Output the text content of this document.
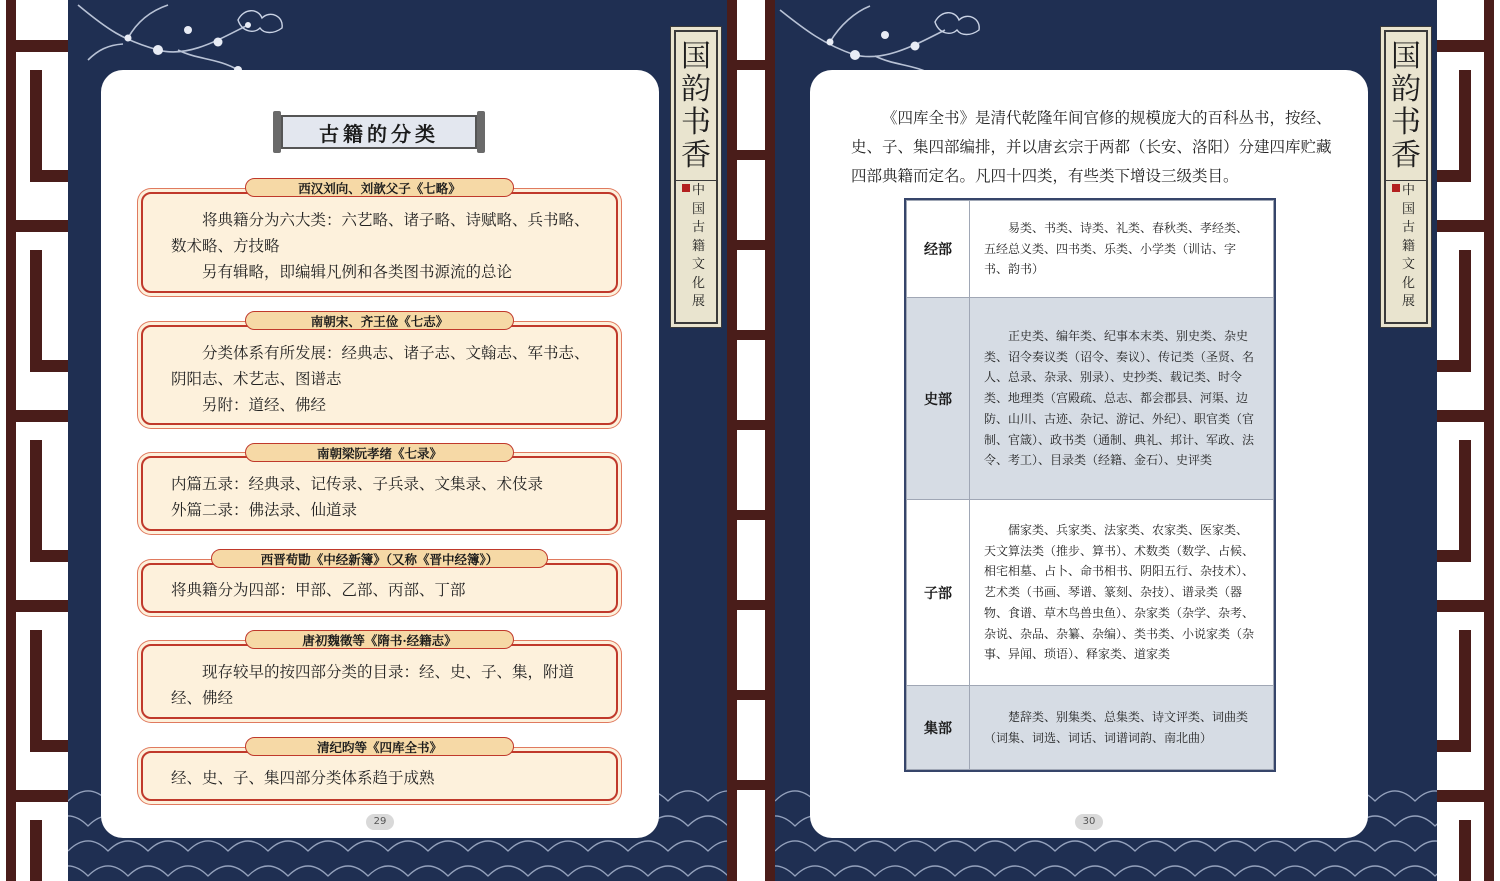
29
古籍的分类

将典籍分为六大类：六艺略、诸子略、诗赋略、兵书略、数术略、方技略

另有辑略，即编辑凡例和各类图书源流的总论

西汉刘向、刘歆父子《七略》

分类体系有所发展：经典志、诸子志、文翰志、军书志、阴阳志、术艺志、图谱志

另附：道经、佛经

南朝宋、齐王俭《七志》

内篇五录：经典录、记传录、子兵录、文集录、术伎录

外篇二录：佛法录、仙道录

南朝梁阮孝绪《七录》

将典籍分为四部：甲部、乙部、丙部、丁部

西晋荀勖《中经新簿》（又称《晋中经簿》）

现存较早的按四部分类的目录：经、史、子、集，附道经、佛经

唐初魏徵等《隋书·经籍志》

经、史、子、集四部分类体系趋于成熟

清纪昀等《四库全书》
国
韵
书
香
中
国
古
籍
文
化
展
30

《四库全书》是清代乾隆年间官修的规模庞大的百科丛书，按经、史、子、集四部编排，并以唐玄宗于两都（长安、洛阳）分建四库贮藏四部典籍而定名。凡四十四类，有些类下增设三级类目。

经部	易类、书类、诗类、礼类、春秋类、孝经类、五经总义类、四书类、乐类、小学类（训诂、字书、韵书）
史部	正史类、编年类、纪事本末类、别史类、杂史类、诏令奏议类（诏令、奏议）、传记类（圣贤、名人、总录、杂录、别录）、史抄类、载记类、时令类、地理类（宫殿疏、总志、都会郡县、河渠、边防、山川、古迹、杂记、游记、外纪）、职官类（官制、官箴）、政书类（通制、典礼、邦计、军政、法令、考工）、目录类（经籍、金石）、史评类
子部	儒家类、兵家类、法家类、农家类、医家类、天文算法类（推步、算书）、术数类（数学、占候、相宅相墓、占卜、命书相书、阴阳五行、杂技术）、艺术类（书画、琴谱、篆刻、杂技）、谱录类（器物、食谱、草木鸟兽虫鱼）、杂家类（杂学、杂考、杂说、杂品、杂纂、杂编）、类书类、小说家类（杂事、异闻、琐语）、释家类、道家类
集部	楚辞类、别集类、总集类、诗文评类、词曲类（词集、词选、词话、词谱词韵、南北曲）
国
韵
书
香
中
国
古
籍
文
化
展
